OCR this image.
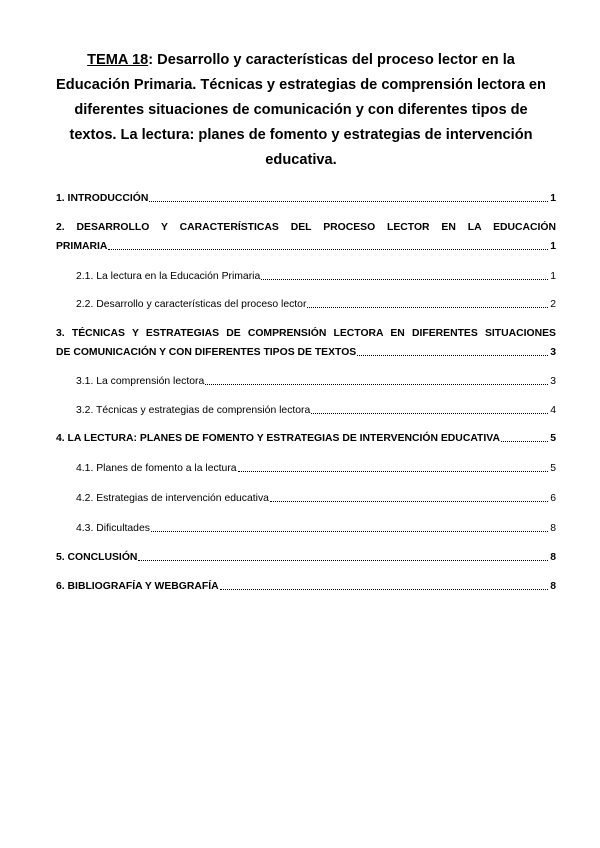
TEMA 18: Desarrollo y características del proceso lector en la Educación Primaria. Técnicas y estrategias de comprensión lectora en diferentes situaciones de comunicación y con diferentes tipos de textos. La lectura: planes de fomento y estrategias de intervención educativa.
1. INTRODUCCIÓN	1
2. DESARROLLO Y CARACTERÍSTICAS DEL PROCESO LECTOR EN LA EDUCACIÓN
PRIMARIA	1
2.1. La lectura en la Educación Primaria	1
2.2. Desarrollo y características del proceso lector	2
3. TÉCNICAS Y ESTRATEGIAS DE COMPRENSIÓN LECTORA EN DIFERENTES SITUACIONES
DE COMUNICACIÓN Y CON DIFERENTES TIPOS DE TEXTOS	3
3.1. La comprensión lectora	3
3.2. Técnicas y estrategias de comprensión lectora	4
4. LA LECTURA: PLANES DE FOMENTO Y ESTRATEGIAS DE INTERVENCIÓN EDUCATIVA	5
4.1. Planes de fomento a la lectura	5
4.2. Estrategias de intervención educativa	6
4.3. Dificultades	8
5. CONCLUSIÓN	8
6. BIBLIOGRAFÍA Y WEBGRAFÍA	8
